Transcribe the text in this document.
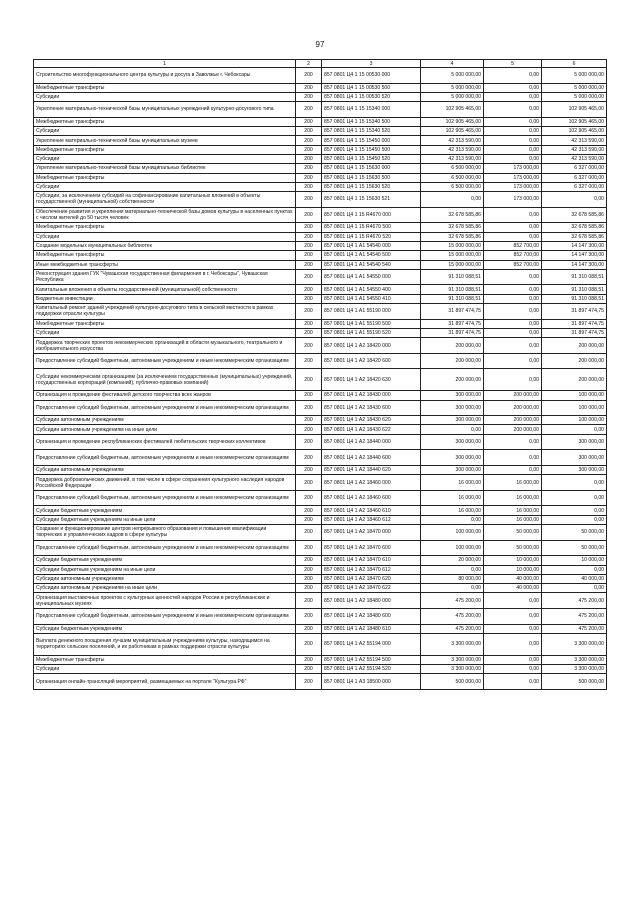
97
1	2	3	4	5	6
Строительство многофункционального центра культуры и досуга в Заволжье г. Чебоксары	200	857 0801 Ц4 1 15 00530 000	5 000 000,00	0,00	5 000 000,00
Межбюджетные трансферты	200	857 0801 Ц4 1 15 00530 500	5 000 000,00	0,00	5 000 000,00
Субсидии	200	857 0801 Ц4 1 15 00530 520	5 000 000,00	0,00	5 000 000,00
Укрепление материально-технической базы муниципальных учреждений культурно-досугового типа	200	857 0801 Ц4 1 15 15340 000	102 905 465,00	0,00	102 905 465,00
Межбюджетные трансферты	200	857 0801 Ц4 1 15 15340 500	102 905 465,00	0,00	102 905 465,00
Субсидии	200	857 0801 Ц4 1 15 15340 520	102 905 465,00	0,00	102 905 465,00
Укрепление материально-технической базы муниципальных музеев	200	857 0801 Ц4 1 15 15450 000	42 313 590,00	0,00	42 313 590,00
Межбюджетные трансферты	200	857 0801 Ц4 1 15 15450 500	42 313 590,00	0,00	42 313 590,00
Субсидии	200	857 0801 Ц4 1 15 15450 520	42 313 590,00	0,00	42 313 590,00
Укрепление материально-технической базы муниципальных библиотек	200	857 0801 Ц4 1 15 15630 000	6 500 000,00	173 000,00	6 327 000,00
Межбюджетные трансферты	200	857 0801 Ц4 1 15 15630 500	6 500 000,00	173 000,00	6 327 000,00
Субсидии	200	857 0801 Ц4 1 15 15630 520	6 500 000,00	173 000,00	6 327 000,00
Субсидии, за исключением субсидий на софинансирование капитальных вложений в объекты государственной (муниципальной) собственности	200	857 0801 Ц4 1 15 15630 521	0,00	173 000,00	0,00
Обеспечение развития и укрепления материально-технической базы домов культуры в населенных пунктах с числом жителей до 50 тысяч человек	200	857 0801 Ц4 1 15 R4670 000	32 678 585,86	0,00	32 678 585,86
Межбюджетные трансферты	200	857 0801 Ц4 1 15 R4670 500	32 678 585,86	0,00	32 678 585,86
Субсидии	200	857 0801 Ц4 1 15 R4670 520	32 678 585,86	0,00	32 678 585,86
Создание модельных муниципальных библиотек	200	857 0801 Ц4 1 А1 54540 000	15 000 000,00	852 700,00	14 147 300,00
Межбюджетные трансферты	200	857 0801 Ц4 1 А1 54540 500	15 000 000,00	852 700,00	14 147 300,00
Иные межбюджетные трансферты	200	857 0801 Ц4 1 А1 54540 540	15 000 000,00	852 700,00	14 147 300,00
Реконструкция здания ГУК "Чувашская государственная филармония в г. Чебоксары", Чувашская Республика	200	857 0801 Ц4 1 А1 54550 000	91 310 088,51	0,00	91 310 088,51
Капитальные вложения в объекты государственной (муниципальной) собственности	200	857 0801 Ц4 1 А1 54550 400	91 310 088,51	0,00	91 310 088,51
Бюджетные инвестиции	200	857 0801 Ц4 1 А1 54550 410	91 310 088,51	0,00	91 310 088,51
Капитальный ремонт зданий учреждений культурно-досугового типа в сельской местности в рамках поддержки отрасли культуры	200	857 0801 Ц4 1 А1 55190 000	31 897 474,75	0,00	31 897 474,75
Межбюджетные трансферты	200	857 0801 Ц4 1 А1 55190 500	31 897 474,75	0,00	31 897 474,75
Субсидии	200	857 0801 Ц4 1 А1 55190 520	31 897 474,75	0,00	31 897 474,75
Поддержка творческих проектов некоммерческих организаций в области музыкального, театрального и изобразительного искусства	200	857 0801 Ц4 1 А2 18420 000	200 000,00	0,00	200 000,00
Предоставление субсидий бюджетным, автономным учреждениям и иным некоммерческим организациям	200	857 0801 Ц4 1 А2 18420 600	200 000,00	0,00	200 000,00
Субсидии некоммерческим организациям (за исключением государственных (муниципальных) учреждений, государственных корпораций (компаний), публично-правовых компаний)	200	857 0801 Ц4 1 А2 18420 630	200 000,00	0,00	200 000,00
Организация и проведение фестивалей детского творчества всех жанров	200	857 0801 Ц4 1 А2 18430 000	300 000,00	200 000,00	100 000,00
Предоставление субсидий бюджетным, автономным учреждениям и иным некоммерческим организациям	200	857 0801 Ц4 1 А2 18430 600	300 000,00	200 000,00	100 000,00
Субсидии автономным учреждениям	200	857 0801 Ц4 1 А2 18430 620	300 000,00	200 000,00	100 000,00
Субсидии автономным учреждениям на иные цели	200	857 0801 Ц4 1 А2 18430 622	0,00	200 000,00	0,00
Организация и проведение республиканских фестивалей любительских творческих коллективов	200	857 0801 Ц4 1 А2 18440 000	300 000,00	0,00	300 000,00
Предоставление субсидий бюджетным, автономным учреждениям и иным некоммерческим организациям	200	857 0801 Ц4 1 А2 18440 600	300 000,00	0,00	300 000,00
Субсидии автономным учреждениям	200	857 0801 Ц4 1 А2 18440 620	300 000,00	0,00	300 000,00
Поддержка добровольческих движений, в том числе в сфере сохранения культурного наследия народов Российской Федерации	200	857 0801 Ц4 1 А2 18460 000	16 000,00	16 000,00	0,00
Предоставление субсидий бюджетным, автономным учреждениям и иным некоммерческим организациям	200	857 0801 Ц4 1 А2 18460 600	16 000,00	16 000,00	0,00
Субсидии бюджетным учреждениям	200	857 0801 Ц4 1 А2 18460 610	16 000,00	16 000,00	0,00
Субсидии бюджетным учреждениям на иные цели	200	857 0801 Ц4 1 А2 18460 612	0,00	16 000,00	0,00
Создание и функционирование центров непрерывного образования и повышения квалификации творческих и управленческих кадров в сфере культуры	200	857 0801 Ц4 1 А2 18470 000	100 000,00	50 000,00	50 000,00
Предоставление субсидий бюджетным, автономным учреждениям и иным некоммерческим организациям	200	857 0801 Ц4 1 А2 18470 600	100 000,00	50 000,00	50 000,00
Субсидии бюджетным учреждениям	200	857 0801 Ц4 1 А2 18470 610	20 000,00	10 000,00	10 000,00
Субсидии бюджетным учреждениям на иные цели	200	857 0801 Ц4 1 А2 18470 612	0,00	10 000,00	0,00
Субсидии автономным учреждениям	200	857 0801 Ц4 1 А2 18470 620	80 000,00	40 000,00	40 000,00
Субсидии автономным учреждениям на иные цели	200	857 0801 Ц4 1 А2 18470 622	0,00	40 000,00	0,00
Организация выставочных проектов с культурных ценностей народов России в республиканских и муниципальных музеях	200	857 0801 Ц4 1 А2 18480 000	475 200,00	0,00	475 200,00
Предоставление субсидий бюджетным, автономным учреждениям и иным некоммерческим организациям	200	857 0801 Ц4 1 А2 18480 600	475 200,00	0,00	475 200,00
Субсидии бюджетным учреждениям	200	857 0801 Ц4 1 А2 18480 610	475 200,00	0,00	475 200,00
Выплата денежного поощрения лучшим муниципальным учреждениям культуры, находящимся на территориях сельских поселений, и их работникам в рамках поддержки отрасли культуры	200	857 0801 Ц4 1 А2 55194 000	3 300 000,00	0,00	3 300 000,00
Межбюджетные трансферты	200	857 0801 Ц4 1 А2 55194 500	3 300 000,00	0,00	3 300 000,00
Субсидии	200	857 0801 Ц4 1 А2 55194 520	3 300 000,00	0,00	3 300 000,00
Организация онлайн-трансляций мероприятий, размещаемых на портале "Культура.РФ"	200	857 0801 Ц4 1 А3 18500 000	500 000,00	0,00	500 000,00
